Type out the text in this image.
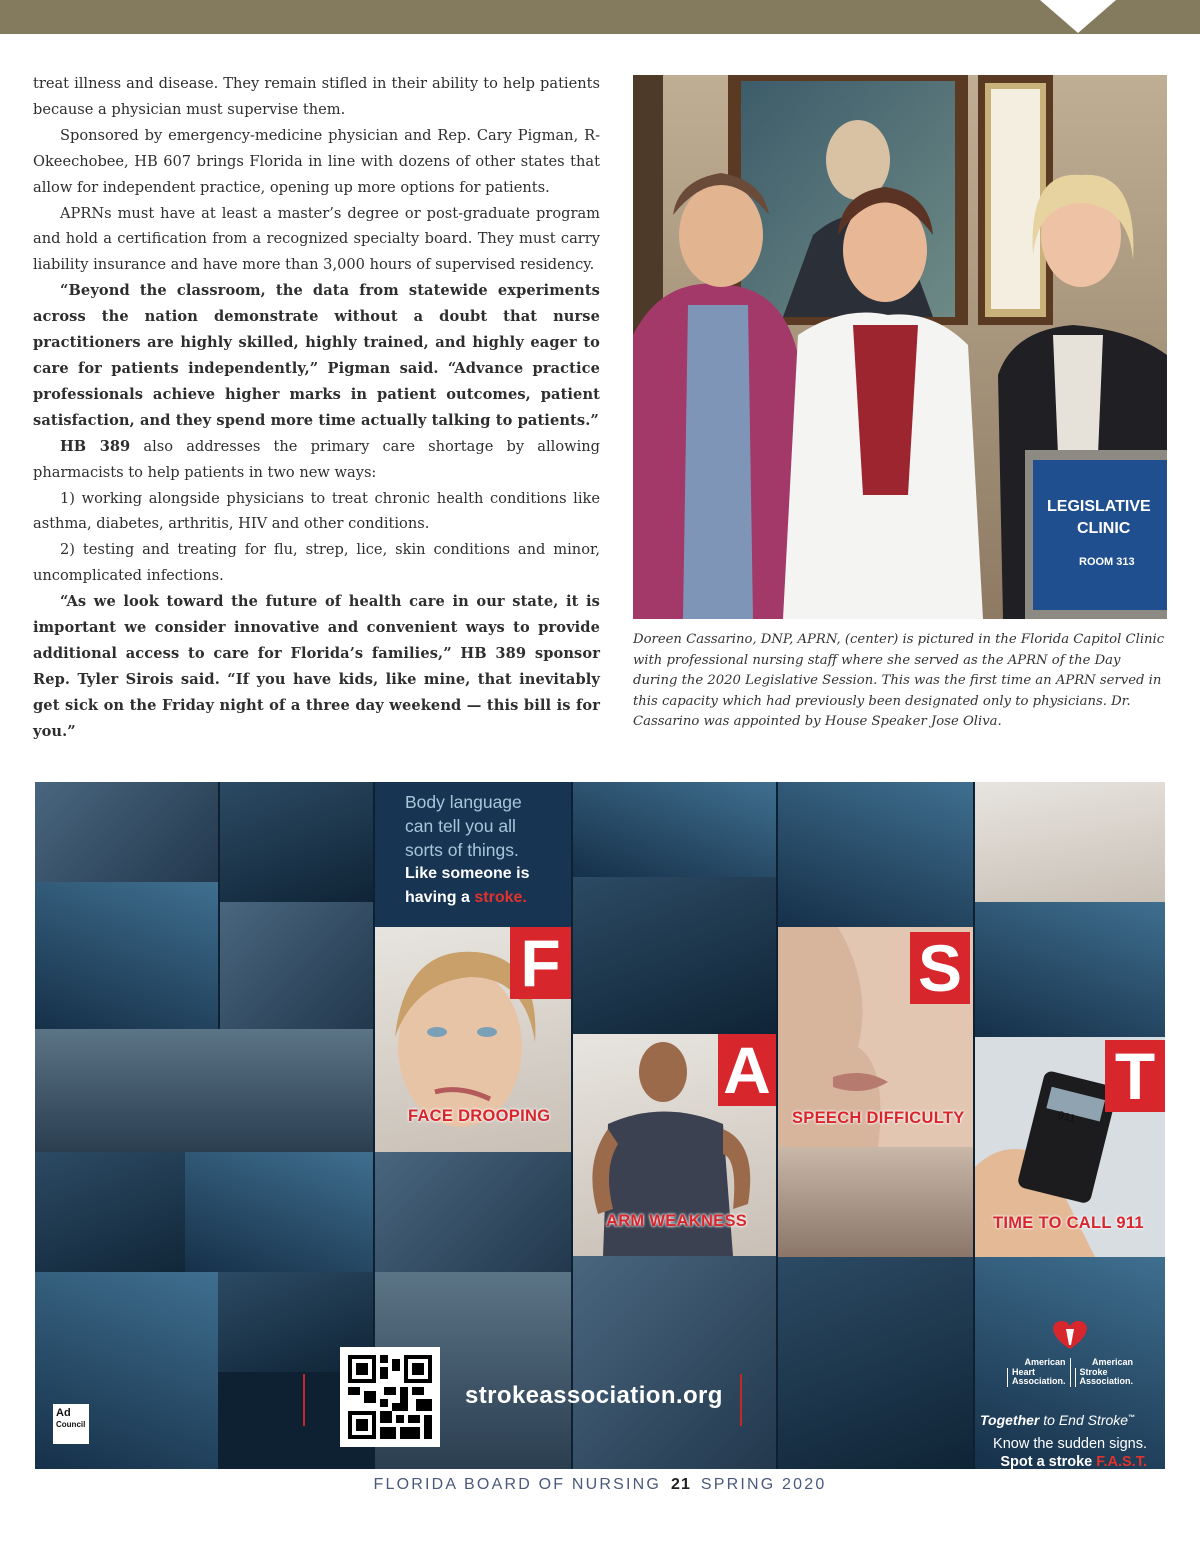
treat illness and disease. They remain stifled in their ability to help patients because a physician must supervise them.

Sponsored by emergency-medicine physician and Rep. Cary Pigman, R-Okeechobee, HB 607 brings Florida in line with dozens of other states that allow for independent practice, opening up more options for patients.

APRNs must have at least a master’s degree or post-graduate program and hold a certification from a recognized specialty board. They must carry liability insurance and have more than 3,000 hours of supervised residency.

“Beyond the classroom, the data from statewide experiments across the nation demonstrate without a doubt that nurse practitioners are highly skilled, highly trained, and highly eager to care for patients independently,” Pigman said. “Advance practice professionals achieve higher marks in patient outcomes, patient satisfaction, and they spend more time actually talking to patients.”

HB 389 also addresses the primary care shortage by allowing pharmacists to help patients in two new ways:

1) working alongside physicians to treat chronic health conditions like asthma, diabetes, arthritis, HIV and other conditions.

2) testing and treating for flu, strep, lice, skin conditions and minor, uncomplicated infections.

“As we look toward the future of health care in our state, it is important we consider innovative and convenient ways to provide additional access to care for Florida’s families,” HB 389 sponsor Rep. Tyler Sirois said. “If you have kids, like mine, that inevitably get sick on the Friday night of a three day weekend — this bill is for you.”

LEGISLATIVE
CLINIC
ROOM 313
Doreen Cassarino, DNP, APRN, (center) is pictured in the Florida Capitol Clinic with professional nursing staff where she served as the APRN of the Day during the 2020 Legislative Session. This was the first time an APRN served in this capacity which had previously been designated only to physicians. Dr. Cassarino was appointed by House Speaker Jose Oliva.
Body language
can tell you all
sorts of things.
Like someone is
having a stroke.
911
F
FACE DROOPING
A
ARM WEAKNESS
S
SPEECH DIFFICULTY
T
TIME TO CALL 911
Ad
Council
strokeassociation.org
American
Heart
Association.
American
Stroke
Association.
Together to End Stroke™
Know the sudden signs.
Spot a stroke F.A.S.T.
FLORIDA BOARD OF NURSING 21 SPRING 2020
